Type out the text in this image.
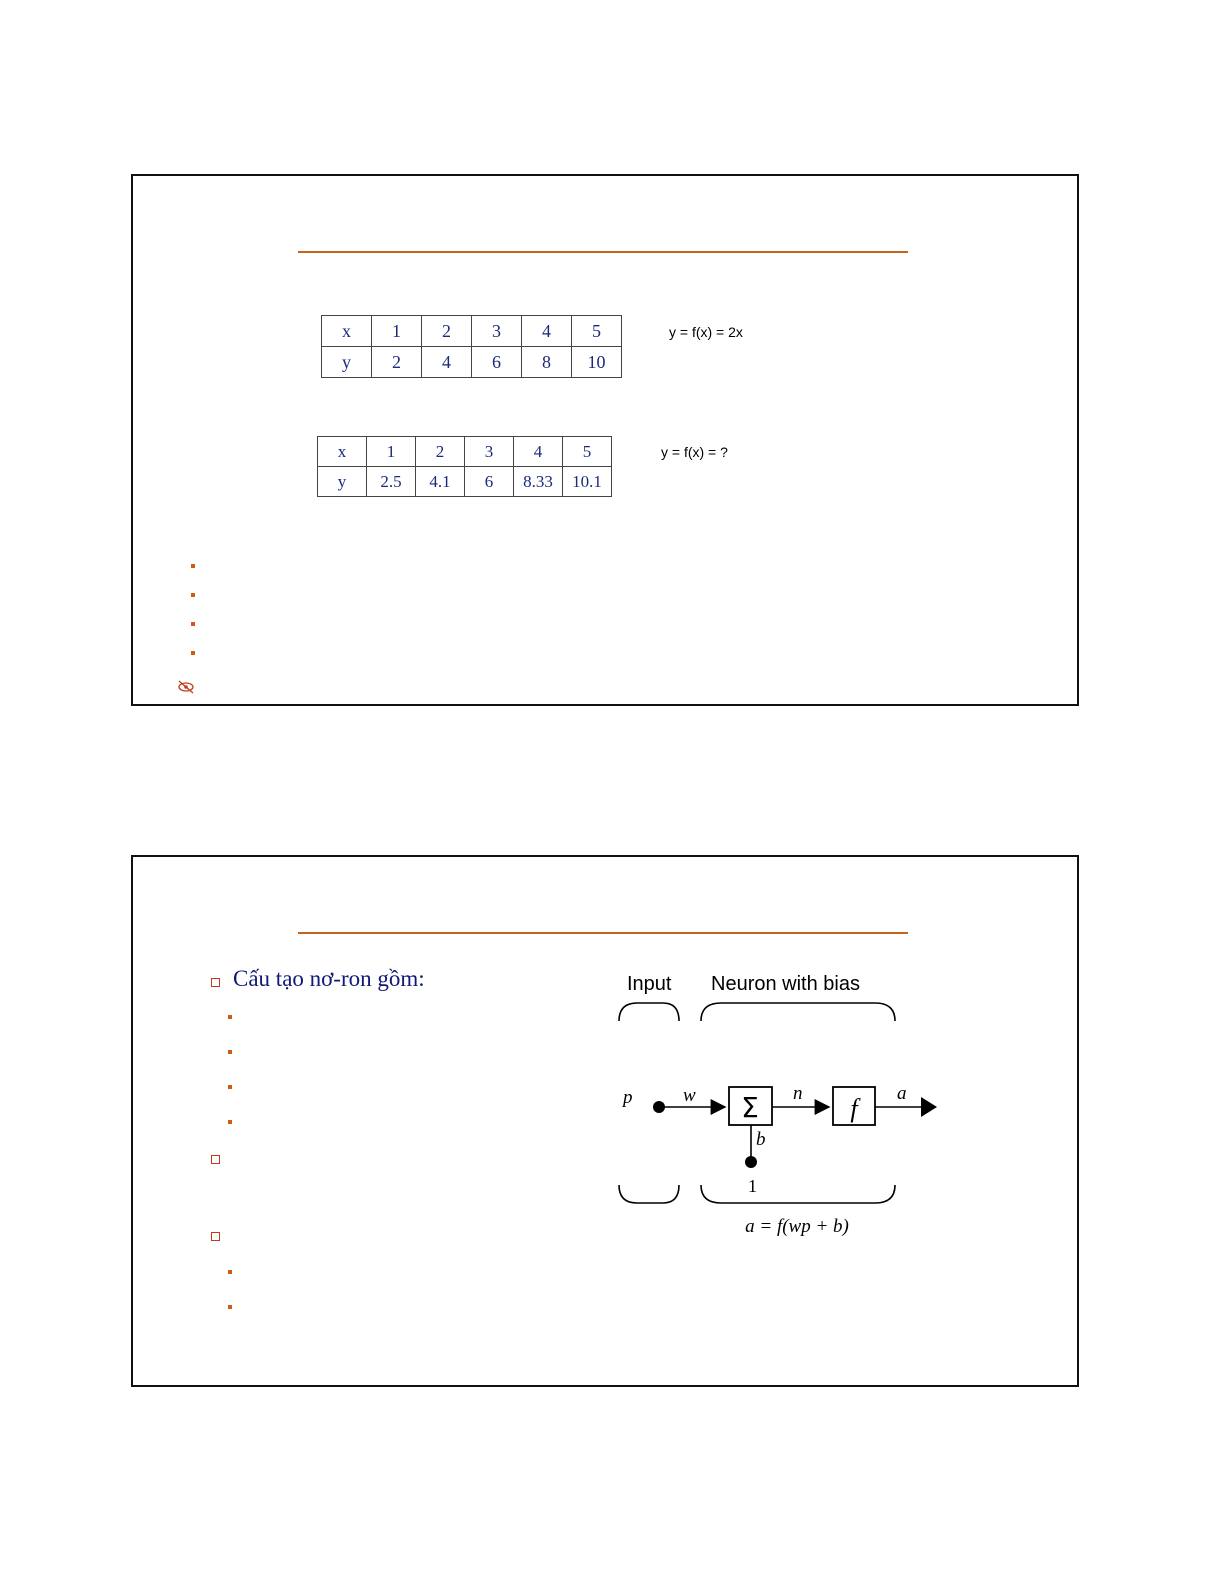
x	1	2	3	4	5
y	2	4	6	8	10
y = f(x) = 2x
x	1	2	3	4	5
y	2.5	4.1	6	8.33	10.1
y = f(x) = ?
Cấu tạo nơ-ron gồm:	Input Neuron with bias
p	w Σ
b
1
n
f
a
a = f(wp + b)
